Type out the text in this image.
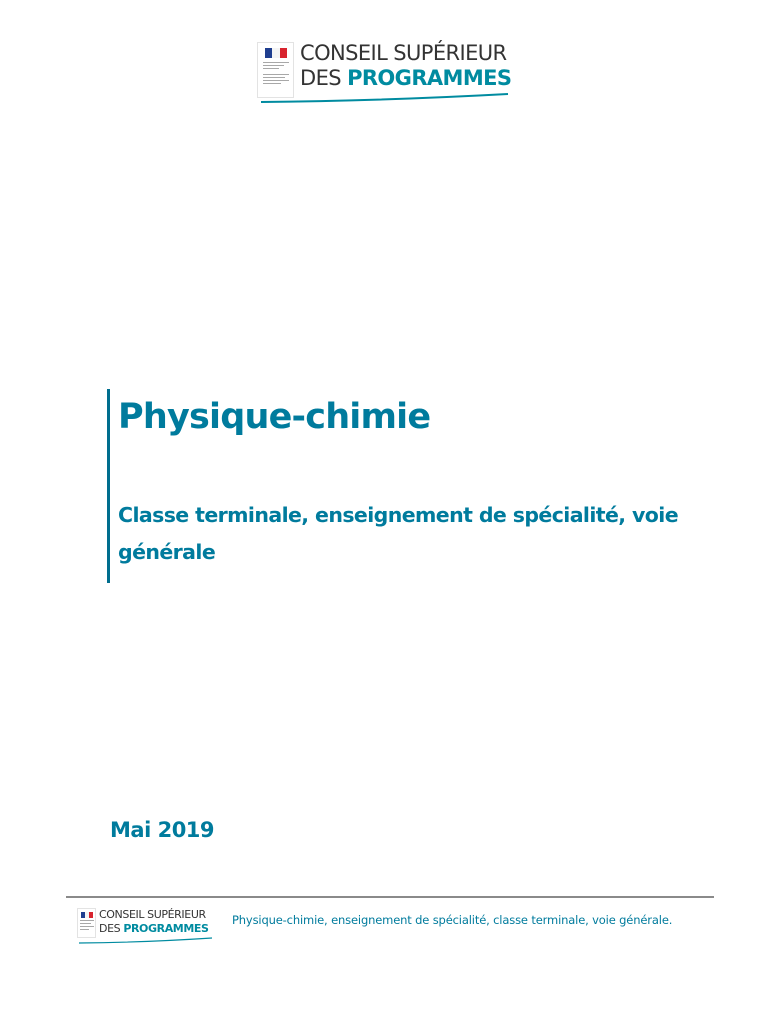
CONSEIL SUPÉRIEUR
DES PROGRAMMES
Physique-chimie
Classe terminale, enseignement de spécialité, voie générale
Mai 2019
CONSEIL SUPÉRIEUR
DES PROGRAMMES
Physique-chimie, enseignement de spécialité, classe terminale, voie générale.
